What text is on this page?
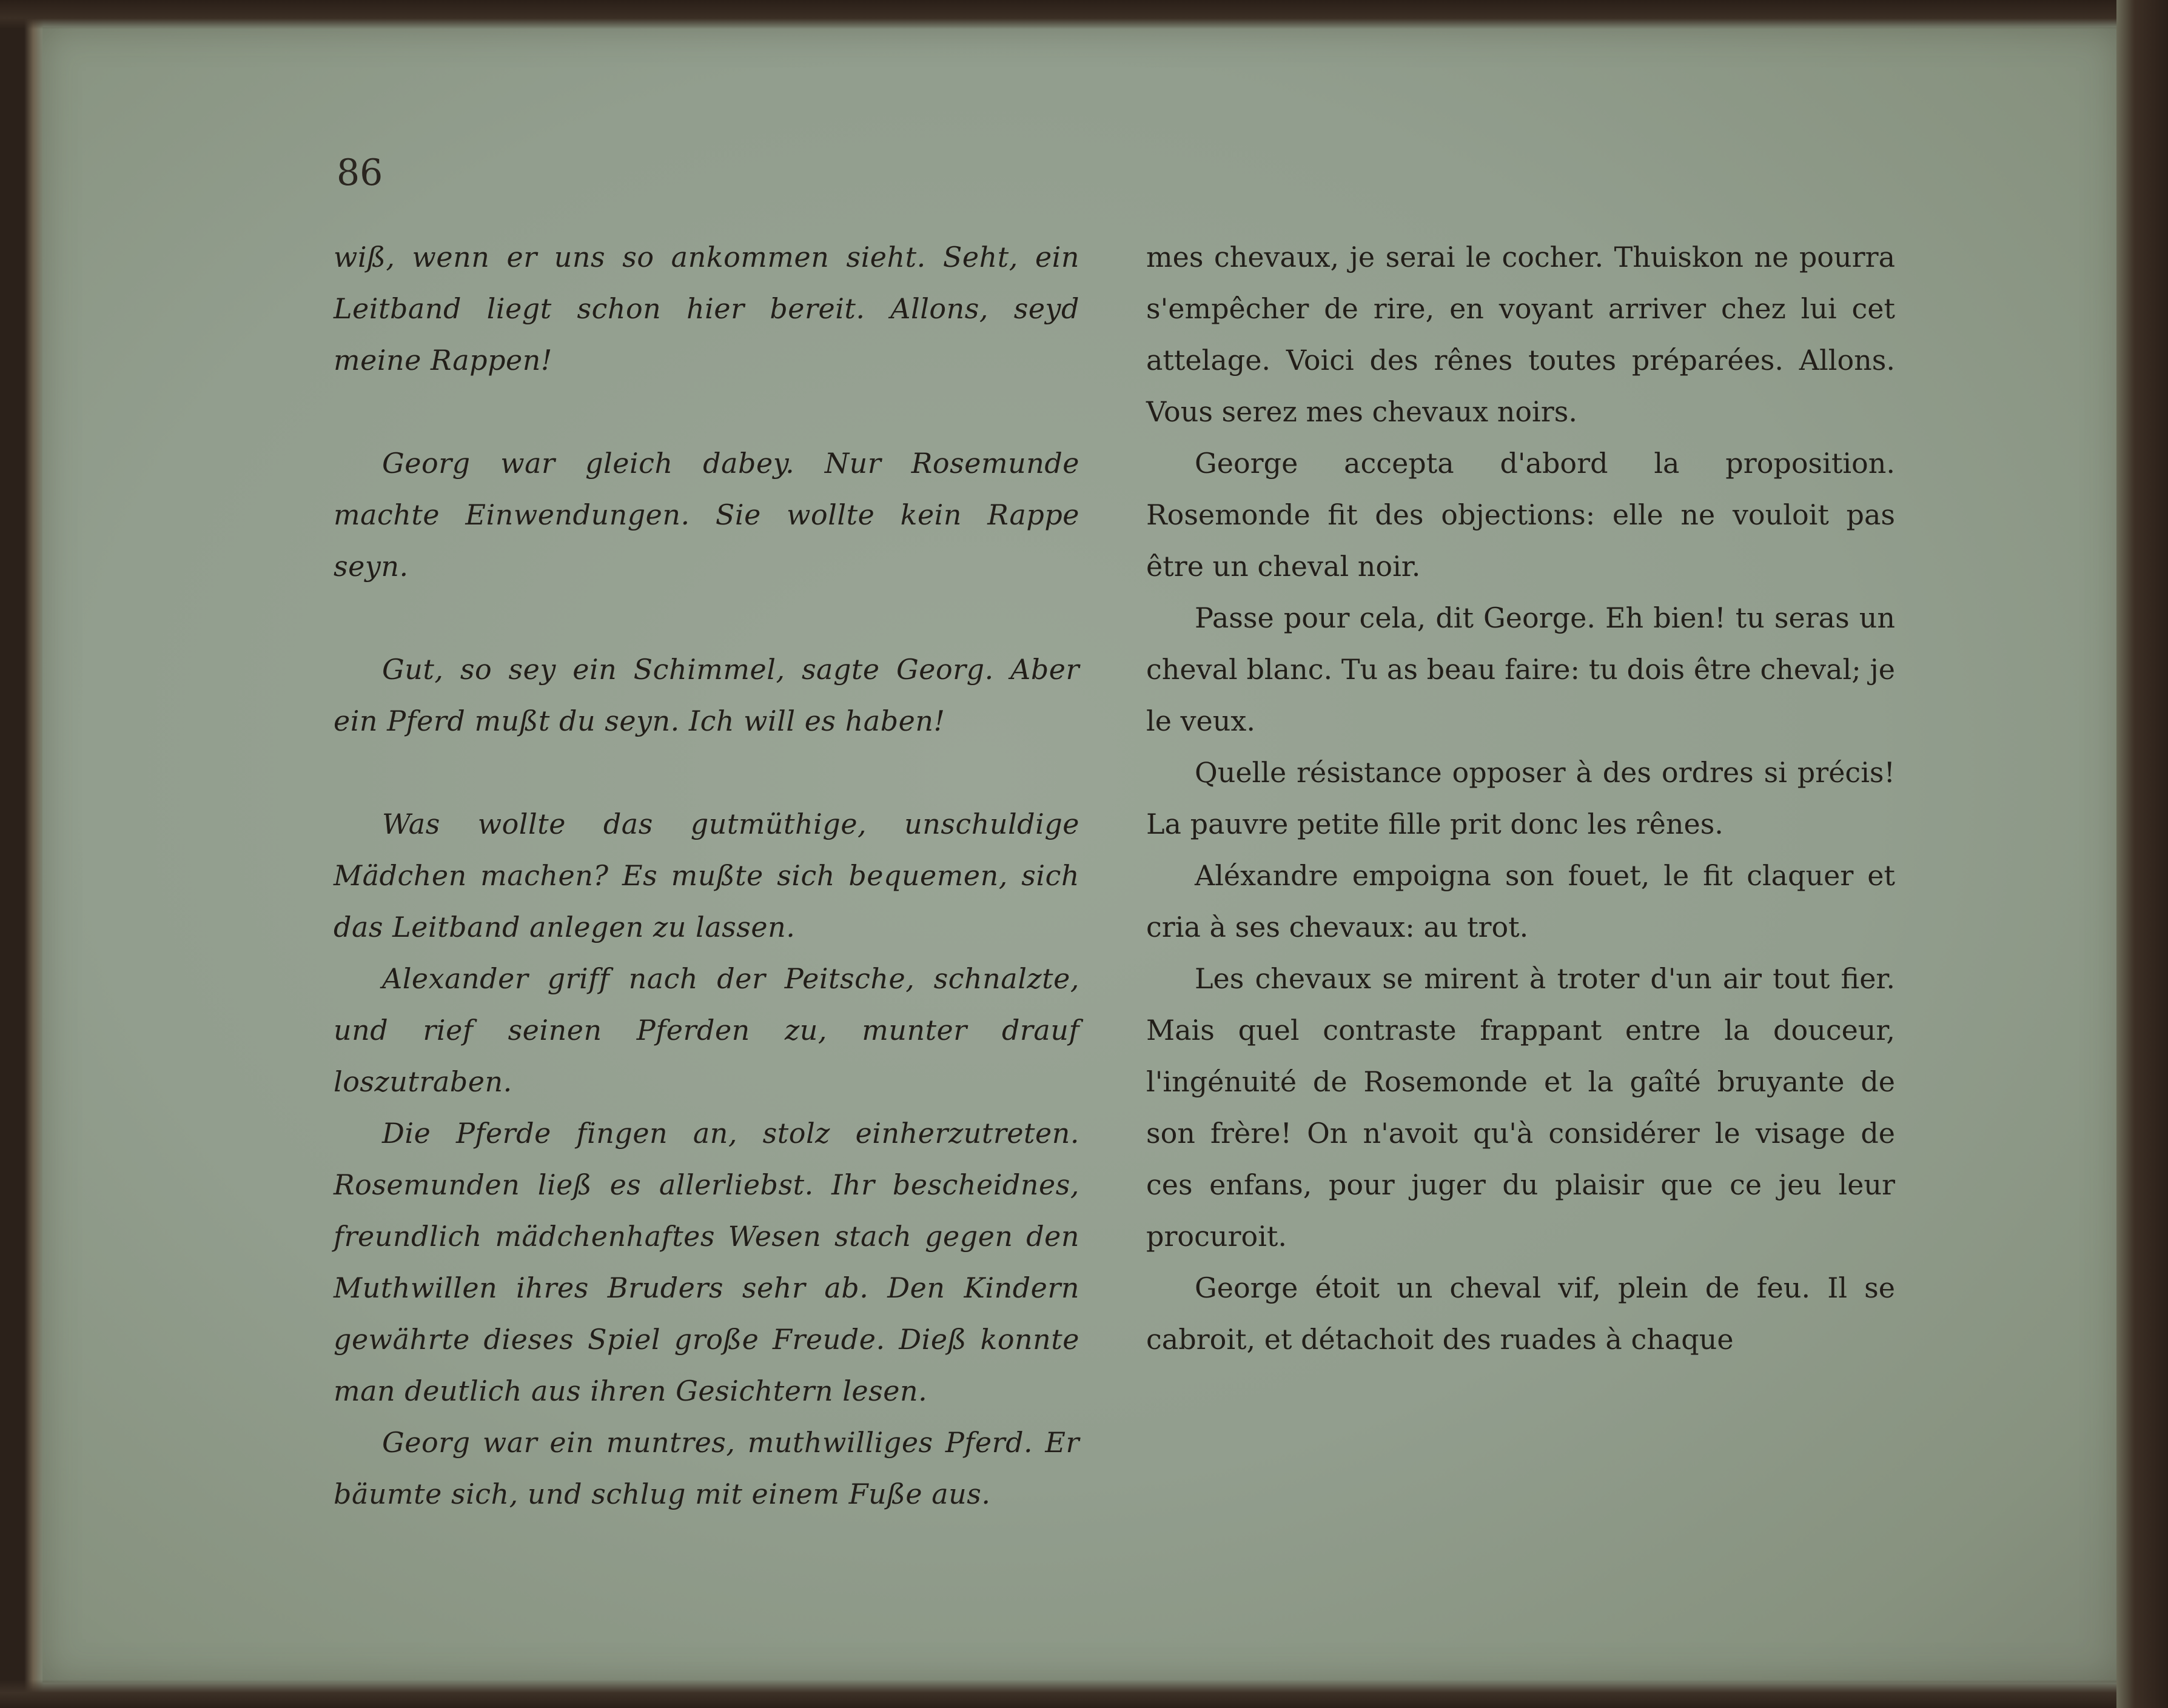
86

wiß, wenn er uns so ankommen sieht. Seht, ein Leitband liegt schon hier bereit. Allons, seyd meine Rappen!

Georg war gleich dabey. Nur Rosemunde machte Einwendungen. Sie wollte kein Rappe seyn.

Gut, so sey ein Schimmel, sagte Georg. Aber ein Pferd mußt du seyn. Ich will es haben!

Was wollte das gutmüthige, unschuldige Mädchen machen? Es mußte sich bequemen, sich das Leitband anlegen zu lassen.

Alexander griff nach der Peitsche, schnalzte, und rief seinen Pferden zu, munter drauf loszutraben.

Die Pferde fingen an, stolz einherzutreten. Rosemunden ließ es allerliebst. Ihr bescheidnes, freundlich mädchenhaftes Wesen stach gegen den Muthwillen ihres Bruders sehr ab. Den Kindern gewährte dieses Spiel große Freude. Dieß konnte man deutlich aus ihren Gesichtern lesen.

Georg war ein muntres, muthwilliges Pferd. Er bäumte sich, und schlug mit einem Fuße aus.

mes chevaux, je serai le cocher. Thuiskon ne pourra s'empêcher de rire, en voyant arriver chez lui cet attelage. Voici des rênes toutes préparées. Allons. Vous serez mes chevaux noirs.

George accepta d'abord la proposition. Rosemonde fit des objections: elle ne vouloit pas être un cheval noir.

Passe pour cela, dit George. Eh bien! tu seras un cheval blanc. Tu as beau faire: tu dois être cheval; je le veux.

Quelle résistance opposer à des ordres si précis! La pauvre petite fille prit donc les rênes.

Aléxandre empoigna son fouet, le fit claquer et cria à ses chevaux: au trot.

Les chevaux se mirent à troter d'un air tout fier. Mais quel contraste frappant entre la douceur, l'ingénuité de Rosemonde et la gaîté bruyante de son frère! On n'avoit qu'à considérer le visage de ces enfans, pour juger du plaisir que ce jeu leur procuroit.

George étoit un cheval vif, plein de feu. Il se cabroit, et détachoit des ruades à chaque
